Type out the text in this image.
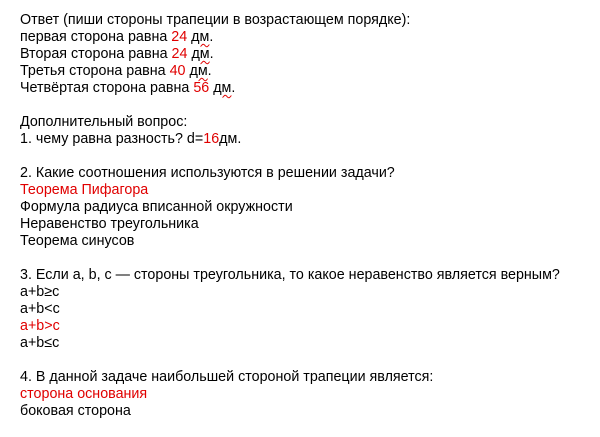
Ответ (пиши стороны трапеции в возрастающем порядке):
первая сторона равна 24 дм.
Вторая сторона равна 24 дм.
Третья сторона равна 40 дм.
Четвёртая сторона равна 56 дм.
Дополнительный вопрос:
1. чему равна разность? d=16дм.
2. Какие соотношения используются в решении задачи?
Теорема Пифагора
Формула радиуса вписанной окружности
Неравенство треугольника
Теорема синусов
3. Если a, b, c — стороны треугольника, то какое неравенство является верным?
a+b≥c
a+b<c
a+b>c
a+b≤c
4. В данной задаче наибольшей стороной трапеции является:
сторона основания
боковая сторона
